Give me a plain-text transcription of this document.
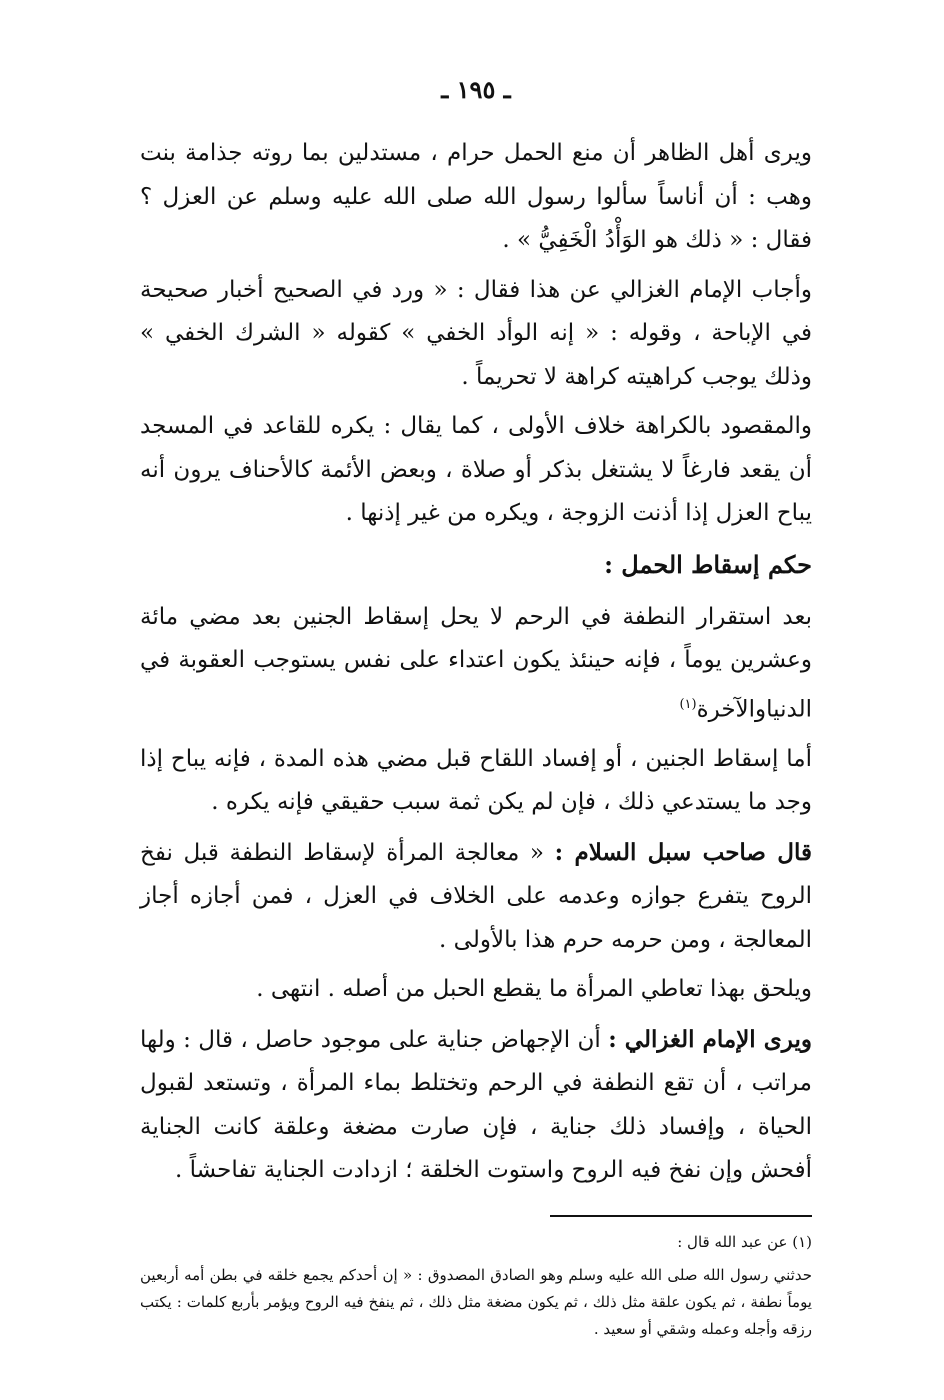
ـ ١٩٥ ـ

ويرى أهل الظاهر أن منع الحمل حرام ، مستدلين بما روته جذامة بنت وهب : أن أناساً سألوا رسول الله صلى الله عليه وسلم عن العزل ؟ فقال : « ذلك هو الوَأْدُ الْخَفِيُّ » .

وأجاب الإمام الغزالي عن هذا فقال : « ورد في الصحيح أخبار صحيحة في الإباحة ، وقوله : « إنه الوأد الخفي » كقوله « الشرك الخفي » وذلك يوجب كراهيته كراهة لا تحريماً .

والمقصود بالكراهة خلاف الأولى ، كما يقال : يكره للقاعد في المسجد أن يقعد فارغاً لا يشتغل بذكر أو صلاة ، وبعض الأئمة كالأحناف يرون أنه يباح العزل إذا أذنت الزوجة ، ويكره من غير إذنها .

حكم إسقاط الحمل :

بعد استقرار النطفة في الرحم لا يحل إسقاط الجنين بعد مضي مائة وعشرين يوماً ، فإنه حينئذ يكون اعتداء على نفس يستوجب العقوبة في الدنياوالآخرة$^{(١)}$

أما إسقاط الجنين ، أو إفساد اللقاح قبل مضي هذه المدة ، فإنه يباح إذا وجد ما يستدعي ذلك ، فإن لم يكن ثمة سبب حقيقي فإنه يكره .

قال صاحب سبل السلام : « معالجة المرأة لإسقاط النطفة قبل نفخ الروح يتفرع جوازه وعدمه على الخلاف في العزل ، فمن أجازه أجاز المعالجة ، ومن حرمه حرم هذا بالأولى .

ويلحق بهذا تعاطي المرأة ما يقطع الحبل من أصله . انتهى .

ويرى الإمام الغزالي : أن الإجهاض جناية على موجود حاصل ، قال : ولها مراتب ، أن تقع النطفة في الرحم وتختلط بماء المرأة ، وتستعد لقبول الحياة ، وإفساد ذلك جناية ، فإن صارت مضغة وعلقة كانت الجناية أفحش وإن نفخ فيه الروح واستوت الخلقة ؛ ازدادت الجناية تفاحشاً .

(١) عن عبد الله قال :

حدثني رسول الله صلى الله عليه وسلم وهو الصادق المصدوق : « إن أحدكم يجمع خلقه في بطن أمه أربعين يوماً نطفة ، ثم يكون علقة مثل ذلك ، ثم يكون مضغة مثل ذلك ، ثم ينفخ فيه الروح ويؤمر بأربع كلمات : يكتب رزقه وأجله وعمله وشقي أو سعيد .
